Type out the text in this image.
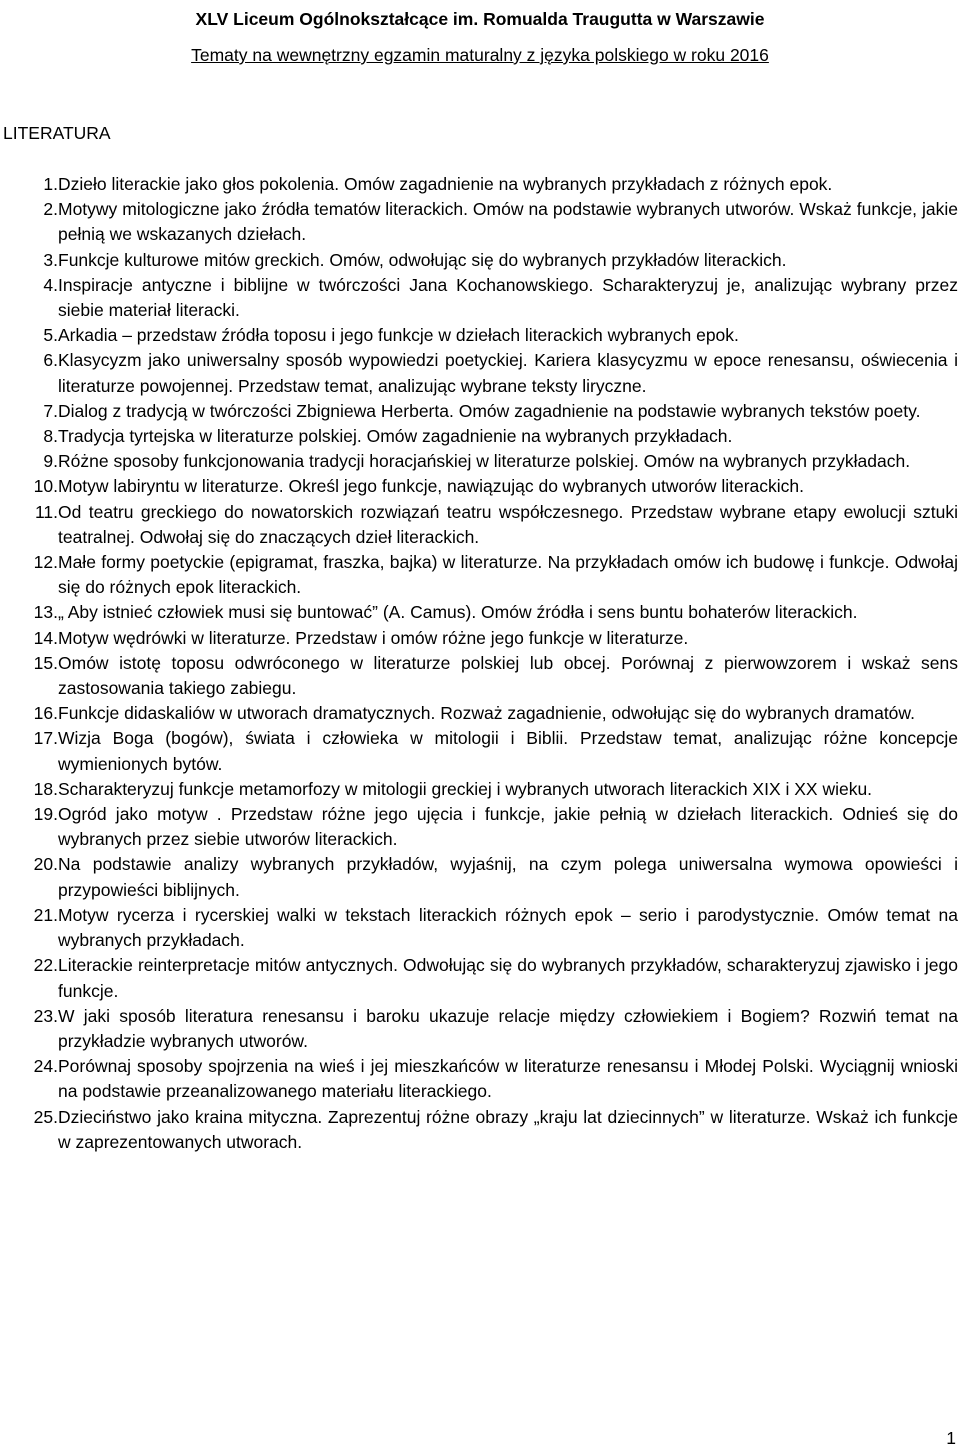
XLV Liceum Ogólnokształcące im. Romualda Traugutta w Warszawie
Tematy na wewnętrzny egzamin maturalny z języka polskiego w roku 2016
LITERATURA
1. Dzieło literackie jako głos pokolenia. Omów zagadnienie na wybranych przykładach z różnych epok.
2. Motywy mitologiczne jako źródła tematów literackich. Omów na podstawie wybranych utworów. Wskaż funkcje, jakie pełnią we wskazanych dziełach.
3. Funkcje kulturowe mitów greckich. Omów, odwołując się do wybranych przykładów literackich.
4. Inspiracje antyczne i biblijne w twórczości Jana Kochanowskiego. Scharakteryzuj je, analizując wybrany przez siebie materiał literacki.
5. Arkadia – przedstaw źródła toposu i jego funkcje w dziełach literackich wybranych epok.
6. Klasycyzm jako uniwersalny sposób wypowiedzi poetyckiej. Kariera klasycyzmu w epoce renesansu, oświecenia i literaturze powojennej. Przedstaw temat, analizując wybrane teksty liryczne.
7. Dialog z tradycją w twórczości Zbigniewa Herberta. Omów zagadnienie na podstawie wybranych tekstów poety.
8. Tradycja tyrtejska w literaturze polskiej. Omów zagadnienie na wybranych przykładach.
9. Różne sposoby funkcjonowania tradycji horacjańskiej w literaturze polskiej. Omów na wybranych przykładach.
10. Motyw labiryntu w literaturze. Określ jego funkcje, nawiązując do wybranych utworów literackich.
11. Od teatru greckiego do nowatorskich rozwiązań teatru współczesnego. Przedstaw wybrane etapy ewolucji sztuki teatralnej. Odwołaj się do znaczących dzieł literackich.
12. Małe formy poetyckie (epigramat, fraszka, bajka) w literaturze. Na przykładach omów ich budowę i funkcje. Odwołaj się do różnych epok literackich.
13. „ Aby istnieć człowiek musi się buntować” (A. Camus). Omów źródła i sens buntu bohaterów literackich.
14. Motyw wędrówki w literaturze. Przedstaw i omów różne jego funkcje w literaturze.
15. Omów istotę toposu odwróconego w literaturze polskiej lub obcej. Porównaj z pierwowzorem i wskaż sens zastosowania takiego zabiegu.
16. Funkcje didaskaliów w utworach dramatycznych. Rozważ zagadnienie, odwołując się do wybranych dramatów.
17. Wizja Boga (bogów), świata i człowieka w mitologii i Biblii. Przedstaw temat, analizując różne koncepcje wymienionych bytów.
18. Scharakteryzuj funkcje metamorfozy w mitologii greckiej i wybranych utworach literackich XIX i XX wieku.
19. Ogród jako motyw . Przedstaw różne jego ujęcia i funkcje, jakie pełnią w dziełach literackich. Odnieś się do wybranych przez siebie utworów literackich.
20. Na podstawie analizy wybranych przykładów, wyjaśnij, na czym polega uniwersalna wymowa opowieści i przypowieści biblijnych.
21. Motyw rycerza i rycerskiej walki w tekstach literackich różnych epok – serio i parodystycznie. Omów temat na wybranych przykładach.
22. Literackie reinterpretacje mitów antycznych. Odwołując się do wybranych przykładów, scharakteryzuj zjawisko i jego funkcje.
23. W jaki sposób literatura renesansu i baroku ukazuje relacje między człowiekiem i Bogiem? Rozwiń temat na przykładzie wybranych utworów.
24. Porównaj sposoby spojrzenia na wieś i jej mieszkańców w literaturze renesansu i Młodej Polski. Wyciągnij wnioski na podstawie przeanalizowanego materiału literackiego.
25. Dzieciństwo jako kraina mityczna. Zaprezentuj różne obrazy „kraju lat dziecinnych” w literaturze. Wskaż ich funkcje w zaprezentowanych utworach.
1
